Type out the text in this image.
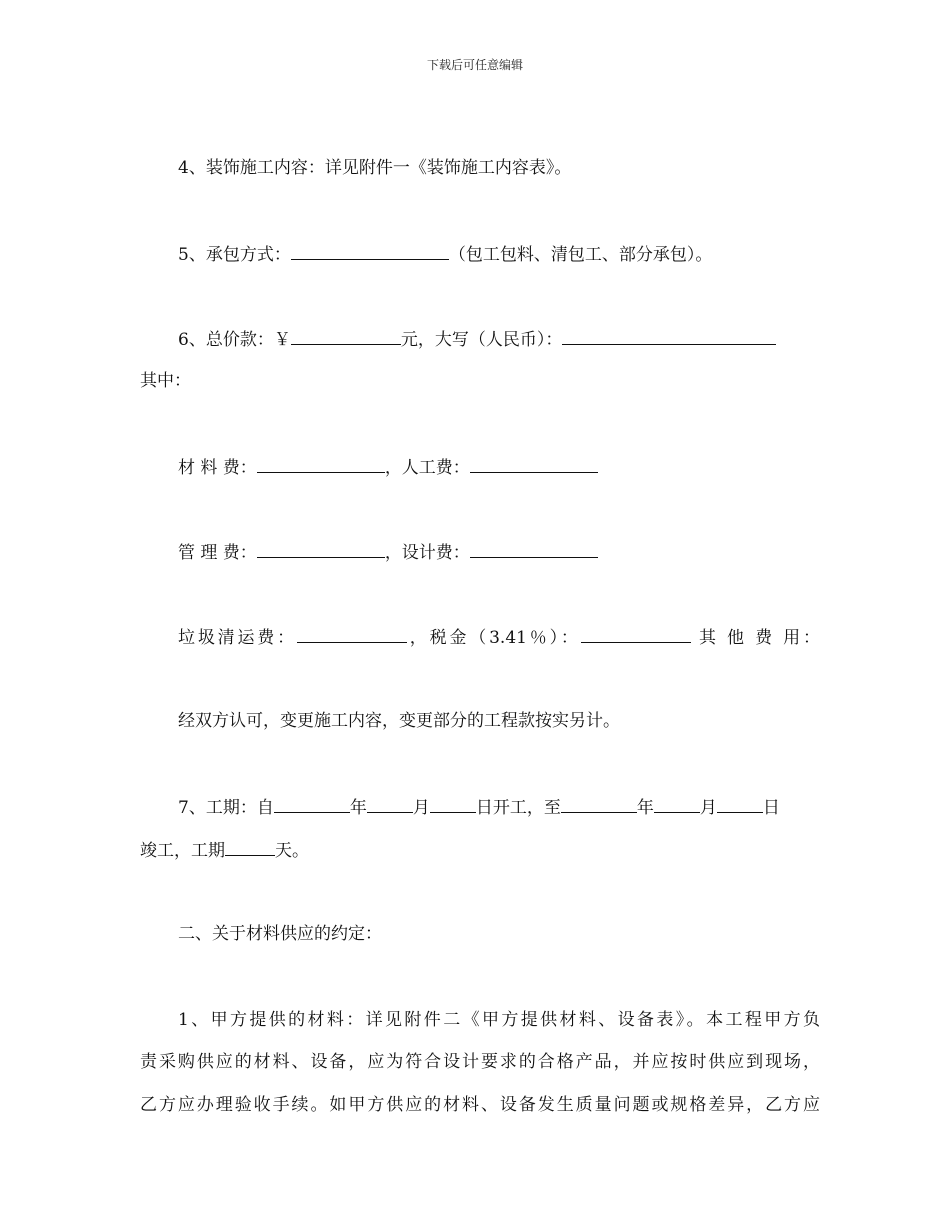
下载后可任意编辑
4、装饰施工内容：详见附件一《装饰施工内容表》。
5、承包方式：	（包工包料、清包工、部分承包）。
6、总价款：￥	元，大写（人民币）：
其中：
材 料 费：	，人工费：
管 理 费：	，设计费：
垃圾清运费：	，税金（3.41％）：	其 他 费 用：
经双方认可，变更施工内容，变更部分的工程款按实另计。
7、工期：自	年	月	日开工，至	年	月	日
竣工，工期	天。
二、关于材料供应的约定：
1、甲方提供的材料：详见附件二《甲方提供材料、设备表》。本工程甲方负
责采购供应的材料、设备，应为符合设计要求的合格产品，并应按时供应到现场，
乙方应办理验收手续。如甲方供应的材料、设备发生质量问题或规格差异，乙方应
